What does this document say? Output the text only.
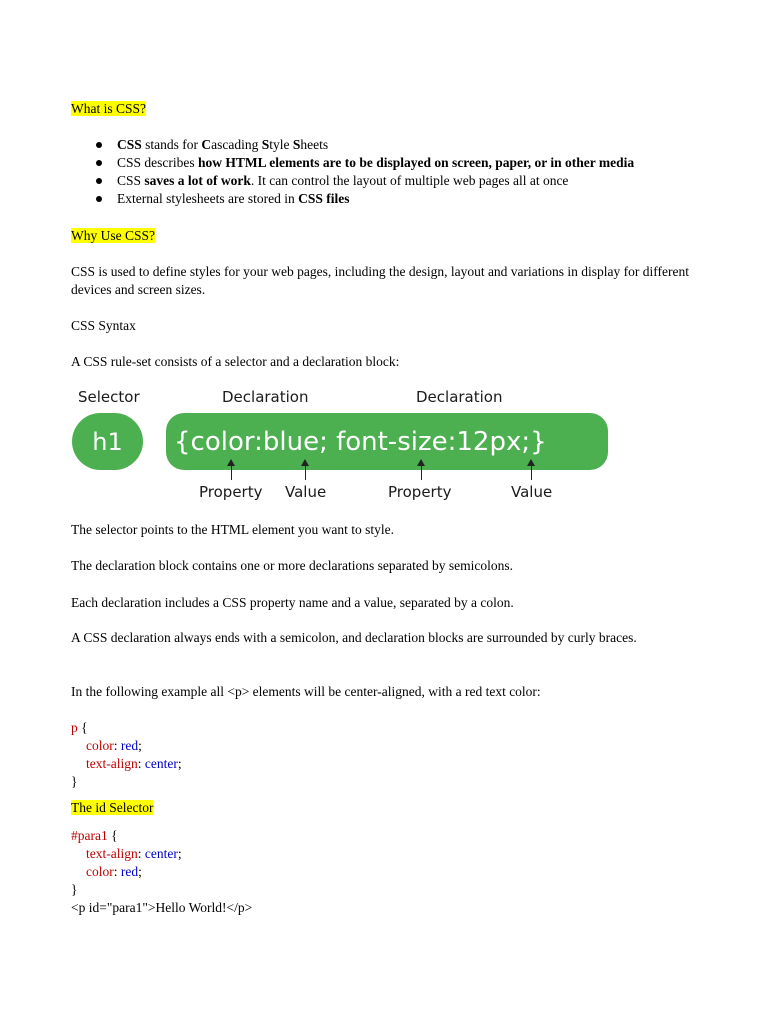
What is CSS?

CSS stands for Cascading Style Sheets
CSS describes how HTML elements are to be displayed on screen, paper, or in other media
CSS saves a lot of work. It can control the layout of multiple web pages all at once
External stylesheets are stored in CSS files

Why Use CSS?

CSS is used to define styles for your web pages, including the design, layout and variations in display for different devices and screen sizes.

CSS Syntax

A CSS rule-set consists of a selector and a declaration block:

Selector	Declaration	Declaration
h1	{color:blue; font-size:12px;}
Property Value	Property	Value

The selector points to the HTML element you want to style.

The declaration block contains one or more declarations separated by semicolons.

Each declaration includes a CSS property name and a value, separated by a colon.

A CSS declaration always ends with a semicolon, and declaration blocks are surrounded by curly braces.

In the following example all <p> elements will be center-aligned, with a red text color:

p {
color: red;
text-align: center;
}

The id Selector

#para1 {
text-align: center;
color: red;
}
<p id="para1">Hello World!</p>
